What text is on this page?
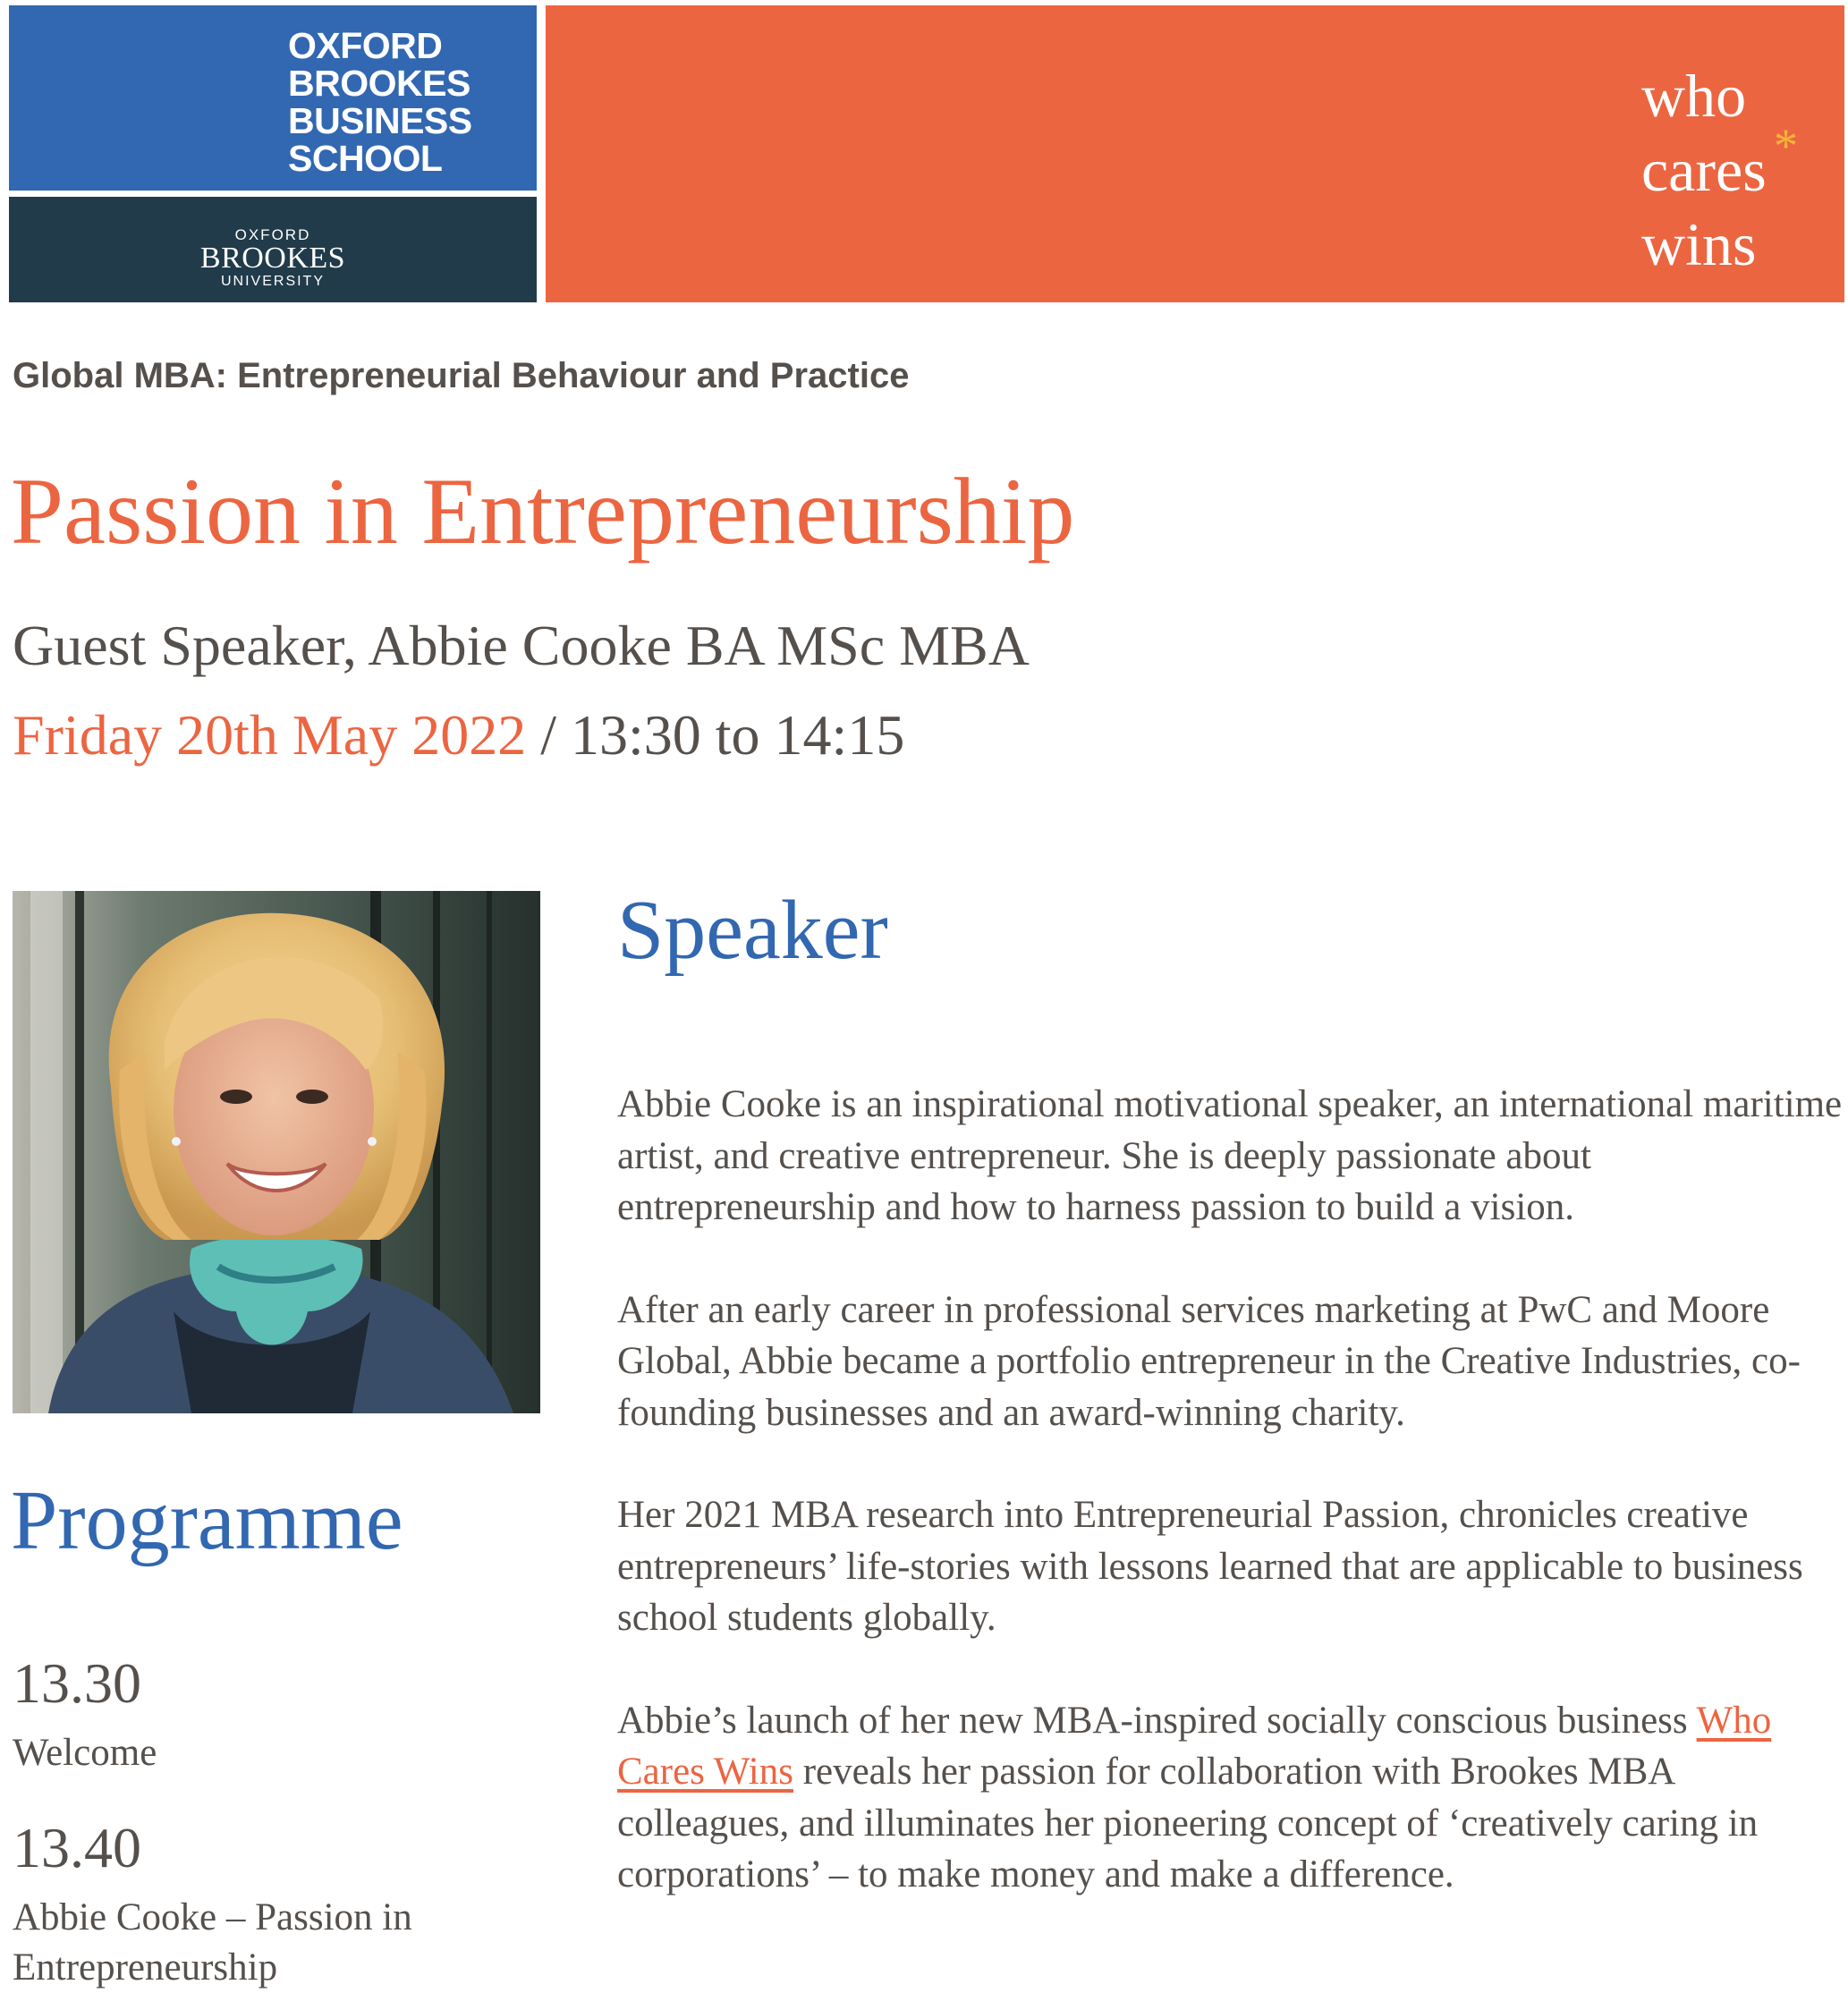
OXFORD
BROOKES
BUSINESS
SCHOOL
OXFORD
BROOKES
UNIVERSITY
who
cares
wins
*
Global MBA: Entrepreneurial Behaviour and Practice
Passion in Entrepreneurship
Guest Speaker, Abbie Cooke BA MSc MBA
Friday 20th May 2022 / 13:30 to 14:15
Speaker

Abbie Cooke is an inspirational motivational speaker, an international maritime artist, and creative entrepreneur. She is deeply passionate about entrepreneurship and how to harness passion to build a vision.

After an early career in professional services marketing at PwC and Moore Global, Abbie became a portfolio entrepreneur in the Creative Industries, co-founding businesses and an award-winning charity.

Her 2021 MBA research into Entrepreneurial Passion, chronicles creative entrepreneurs’ life-stories with lessons learned that are applicable to business school students globally.

Abbie’s launch of her new MBA-inspired socially conscious business Who Cares Wins reveals her passion for collaboration with Brookes MBA colleagues, and illuminates her pioneering concept of ‘creatively caring in corporations’ – to make money and make a difference.

Programme
13.30
Welcome
13.40
Abbie Cooke – Passion in Entrepreneurship
